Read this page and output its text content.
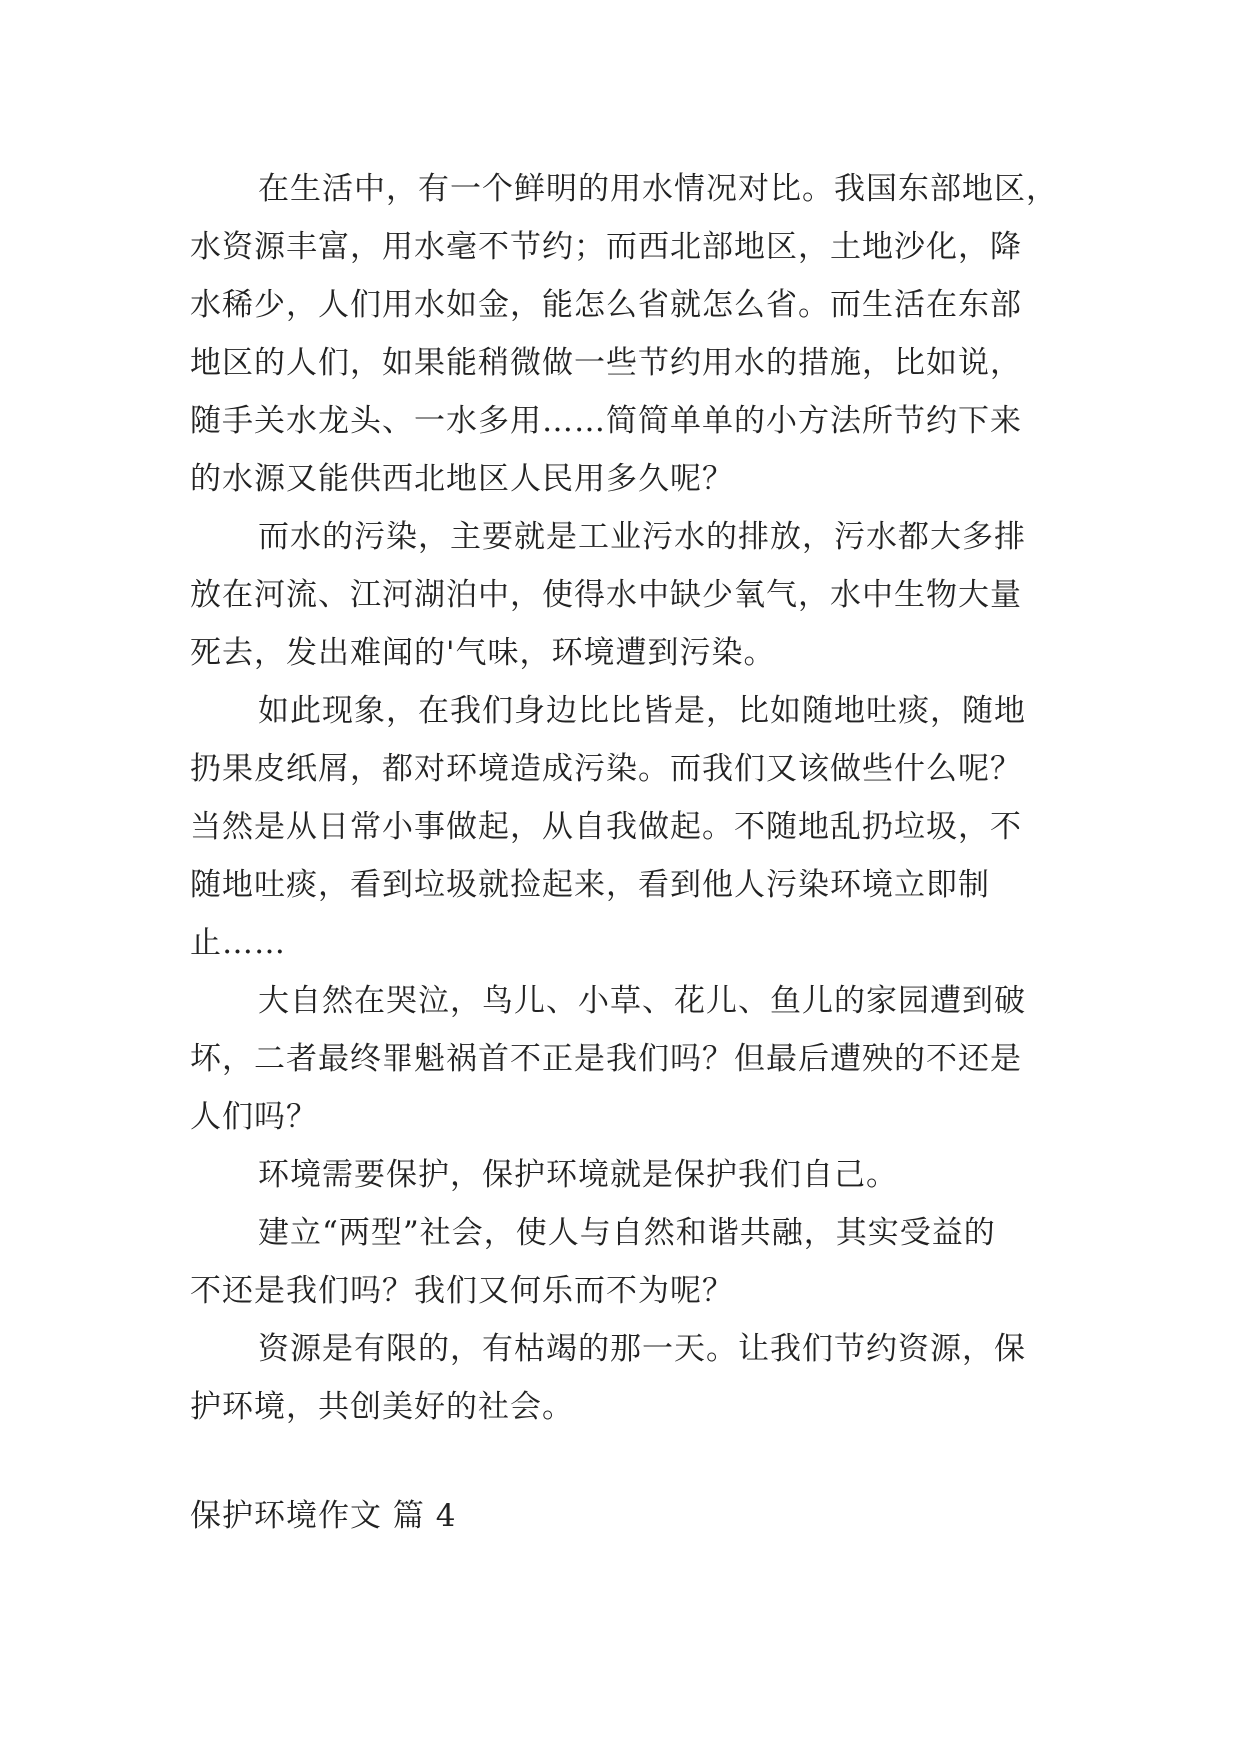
在生活中，有一个鲜明的用水情况对比。我国东部地区，
水资源丰富，用水毫不节约；而西北部地区，土地沙化，降
水稀少，人们用水如金，能怎么省就怎么省。而生活在东部
地区的人们，如果能稍微做一些节约用水的措施，比如说，
随手关水龙头、一水多用……简简单单的小方法所节约下来
的水源又能供西北地区人民用多久呢？
而水的污染，主要就是工业污水的排放，污水都大多排
放在河流、江河湖泊中，使得水中缺少氧气，水中生物大量
死去，发出难闻的'气味，环境遭到污染。
如此现象，在我们身边比比皆是，比如随地吐痰，随地
扔果皮纸屑，都对环境造成污染。而我们又该做些什么呢？
当然是从日常小事做起，从自我做起。不随地乱扔垃圾，不
随地吐痰，看到垃圾就捡起来，看到他人污染环境立即制
止……
大自然在哭泣，鸟儿、小草、花儿、鱼儿的家园遭到破
坏，二者最终罪魁祸首不正是我们吗？但最后遭殃的不还是
人们吗？
环境需要保护，保护环境就是保护我们自己。
建立“两型”社会，使人与自然和谐共融，其实受益的
不还是我们吗？我们又何乐而不为呢？
资源是有限的，有枯竭的那一天。让我们节约资源，保
护环境，共创美好的社会。
保护环境作文 篇 4
